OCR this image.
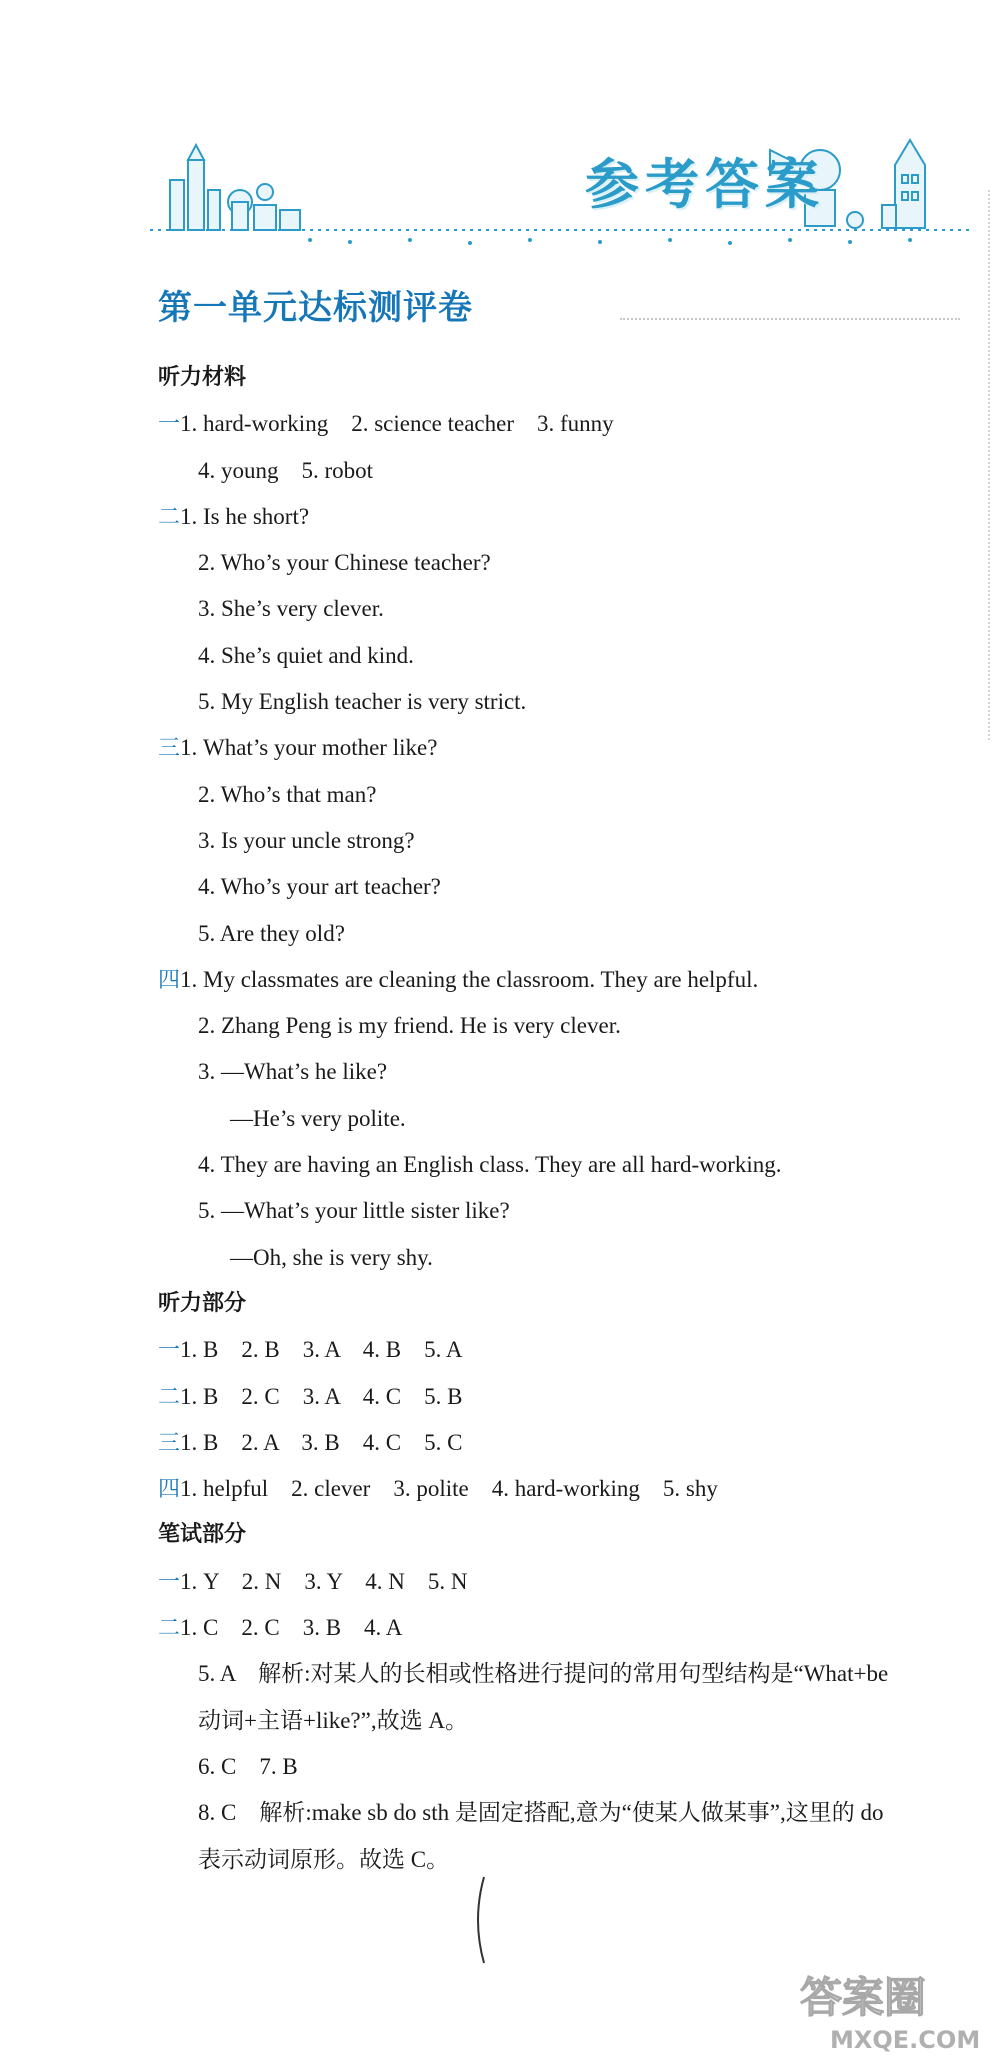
参考答案
第一单元达标测评卷
听力材料
一1. hard-working　2. science teacher　3. funny
4. young　5. robot
二1. Is he short?
2. Who’s your Chinese teacher?
3. She’s very clever.
4. She’s quiet and kind.
5. My English teacher is very strict.
三1. What’s your mother like?
2. Who’s that man?
3. Is your uncle strong?
4. Who’s your art teacher?
5. Are they old?
四1. My classmates are cleaning the classroom. They are helpful.
2. Zhang Peng is my friend. He is very clever.
3. —What’s he like?
—He’s very polite.
4. They are having an English class. They are all hard-working.
5. —What’s your little sister like?
—Oh, she is very shy.
听力部分
一1. B　2. B　3. A　4. B　5. A
二1. B　2. C　3. A　4. C　5. B
三1. B　2. A　3. B　4. C　5. C
四1. helpful　2. clever　3. polite　4. hard-working　5. shy
笔试部分
一1. Y　2. N　3. Y　4. N　5. N
二1. C　2. C　3. B　4. A
5. A　解析:对某人的长相或性格进行提问的常用句型结构是“What+be
动词+主语+like?”,故选 A。
6. C　7. B
8. C　解析:make sb do sth 是固定搭配,意为“使某人做某事”,这里的 do
表示动词原形。故选 C。
答案圈
MXQE.COM
